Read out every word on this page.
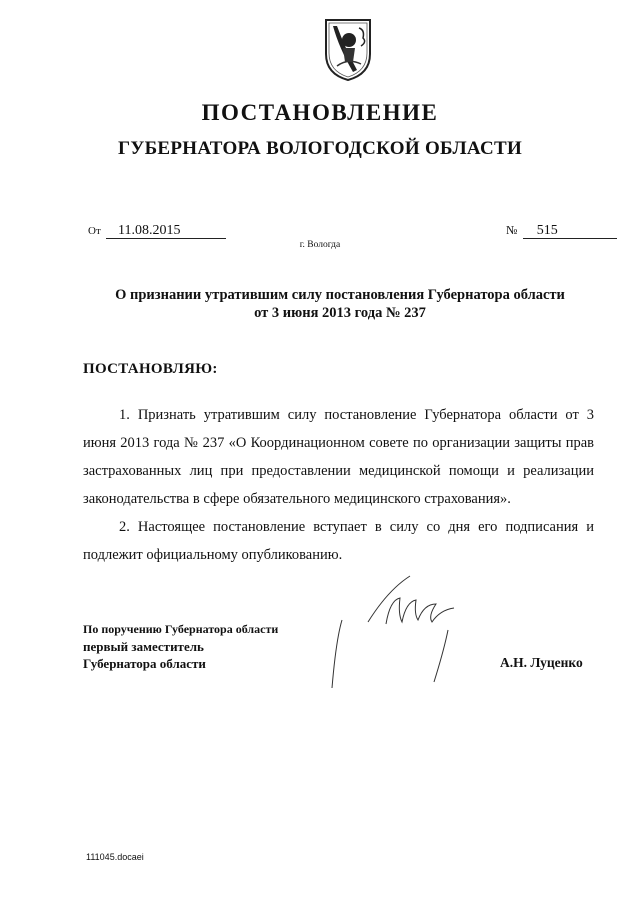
ПОСТАНОВЛЕНИЕ
ГУБЕРНАТОРА ВОЛОГОДСКОЙ ОБЛАСТИ
От 11.08.2015	№ 515
г. Вологда
О признании утратившим силу постановления Губернатора области
от 3 июня 2013 года № 237
ПОСТАНОВЛЯЮ:

1. Признать утратившим силу постановление Губернатора области от 3 июня 2013 года № 237 «О Координационном совете по организации защиты прав застрахованных лиц при предоставлении медицинской помощи и реализации законодательства в сфере обязательного медицинского страхования».

2. Настоящее постановление вступает в силу со дня его подписания и подлежит официальному опубликованию.

По поручению Губернатора области
первый заместитель
Губернатора области	А.Н. Луценко
111045.docaei
